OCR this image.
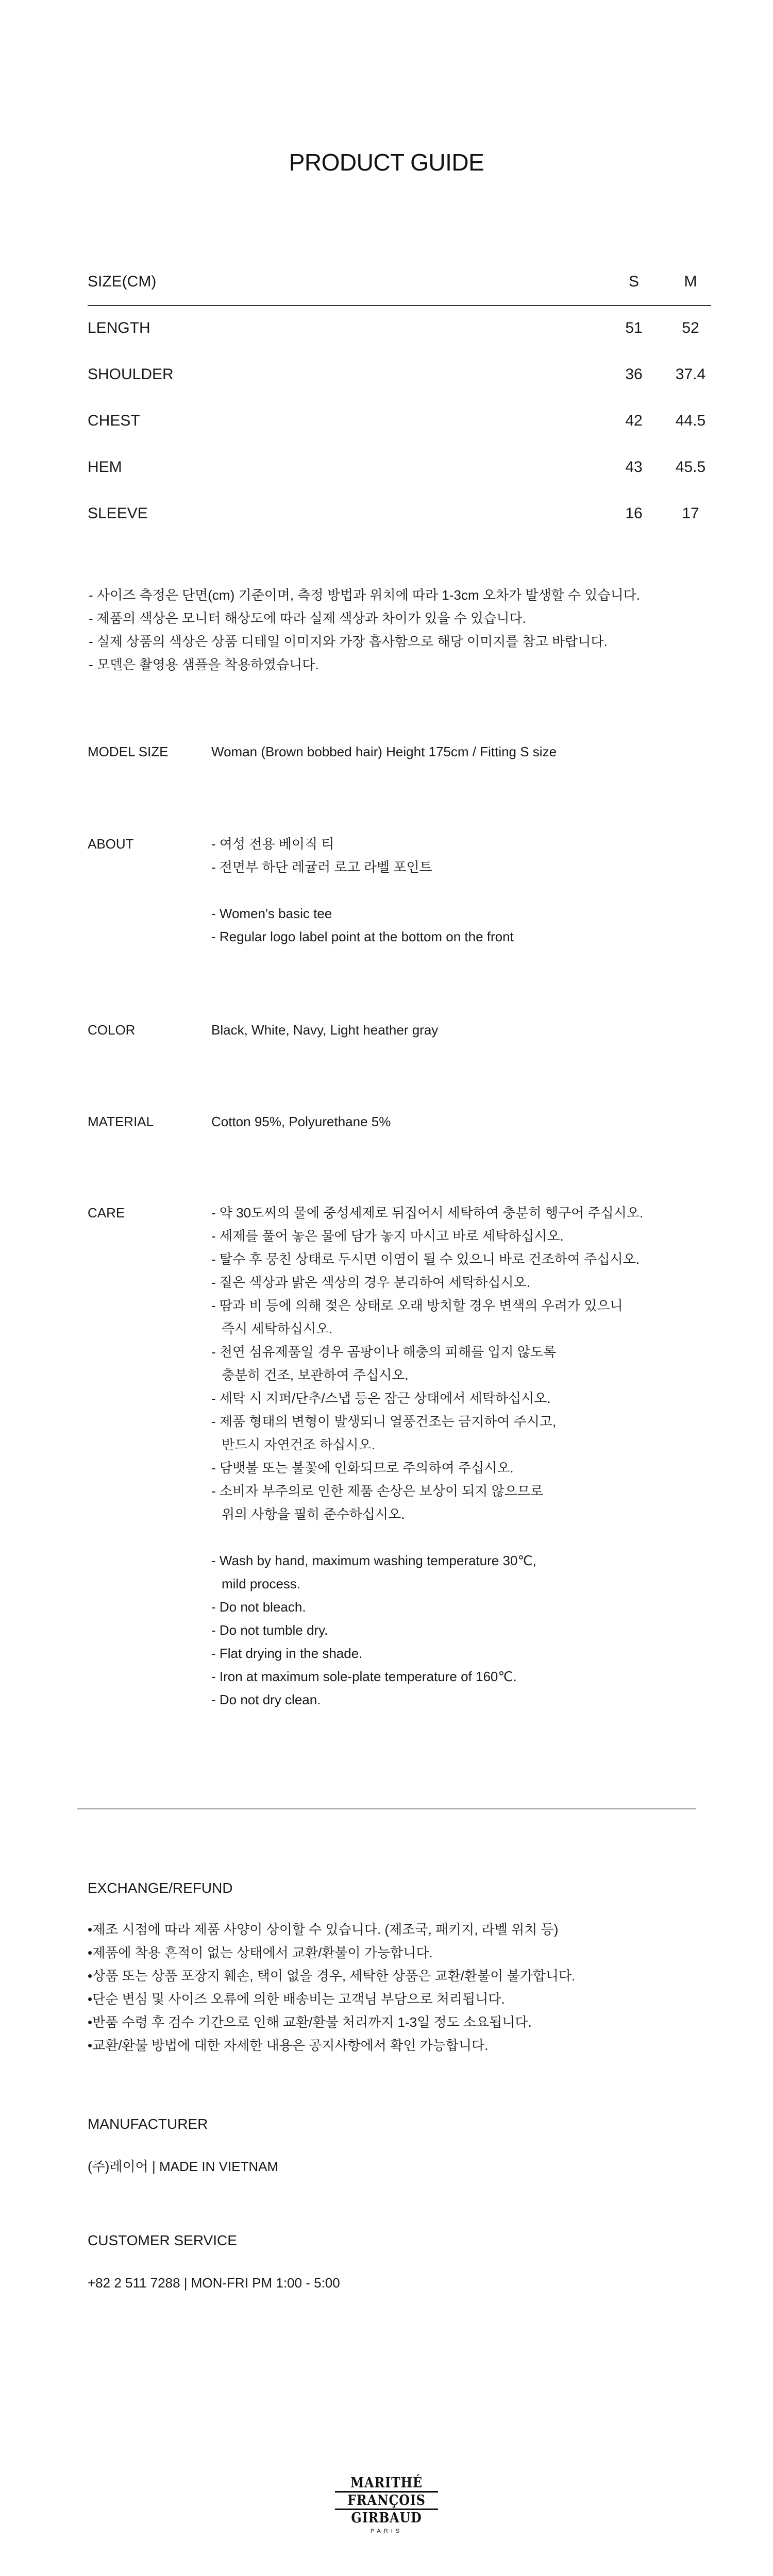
PRODUCT GUIDE
SIZE(CM)	S	M
LENGTH	51	52
SHOULDER	36	37.4
CHEST	42	44.5
HEM	43	45.5
SLEEVE	16	17
- 사이즈 측정은 단면(cm) 기준이며, 측정 방법과 위치에 따라 1-3cm 오차가 발생할 수 있습니다.
- 제품의 색상은 모니터 해상도에 따라 실제 색상과 차이가 있을 수 있습니다.
- 실제 상품의 색상은 상품 디테일 이미지와 가장 흡사함으로 해당 이미지를 참고 바랍니다.
- 모델은 촬영용 샘플을 착용하였습니다.
MODEL SIZE	Woman (Brown bobbed hair) Height 175cm / Fitting S size
ABOUT	- 여성 전용 베이직 티
- 전면부 하단 레귤러 로고 라벨 포인트
- Women's basic tee
- Regular logo label point at the bottom on the front
COLOR	Black, White, Navy, Light heather gray
MATERIAL	Cotton 95%, Polyurethane 5%
CARE	- 약 30도씨의 물에 중성세제로 뒤집어서 세탁하여 충분히 헹구어 주십시오.
- 세제를 풀어 놓은 물에 담가 놓지 마시고 바로 세탁하십시오.
- 탈수 후 뭉친 상태로 두시면 이염이 될 수 있으니 바로 건조하여 주십시오.
- 짙은 색상과 밝은 색상의 경우 분리하여 세탁하십시오.
- 땀과 비 등에 의해 젖은 상태로 오래 방치할 경우 변색의 우려가 있으니
즉시 세탁하십시오.
- 천연 섬유제품일 경우 곰팡이나 해충의 피해를 입지 않도록
충분히 건조, 보관하여 주십시오.
- 세탁 시 지퍼/단추/스냅 등은 잠근 상태에서 세탁하십시오.
- 제품 형태의 변형이 발생되니 열풍건조는 금지하여 주시고,
반드시 자연건조 하십시오.
- 담뱃불 또는 불꽃에 인화되므로 주의하여 주십시오.
- 소비자 부주의로 인한 제품 손상은 보상이 되지 않으므로
위의 사항을 필히 준수하십시오.
- Wash by hand, maximum washing temperature 30℃,
mild process.
- Do not bleach.
- Do not tumble dry.
- Flat drying in the shade.
- Iron at maximum sole-plate temperature of 160℃.
- Do not dry clean.
EXCHANGE/REFUND
•제조 시점에 따라 제품 사양이 상이할 수 있습니다. (제조국, 패키지, 라벨 위치 등)
•제품에 착용 흔적이 없는 상태에서 교환/환불이 가능합니다.
•상품 또는 상품 포장지 훼손, 택이 없을 경우, 세탁한 상품은 교환/환불이 불가합니다.
•단순 변심 및 사이즈 오류에 의한 배송비는 고객님 부담으로 처리됩니다.
•반품 수령 후 검수 기간으로 인해 교환/환불 처리까지 1-3일 정도 소요됩니다.
•교환/환불 방법에 대한 자세한 내용은 공지사항에서 확인 가능합니다.
MANUFACTURER
(주)레이어 | MADE IN VIETNAM
CUSTOMER SERVICE
+82 2 511 7288 | MON-FRI PM 1:00 - 5:00
MARITHÉ
FRANÇOIS
GIRBAUD
PARIS
